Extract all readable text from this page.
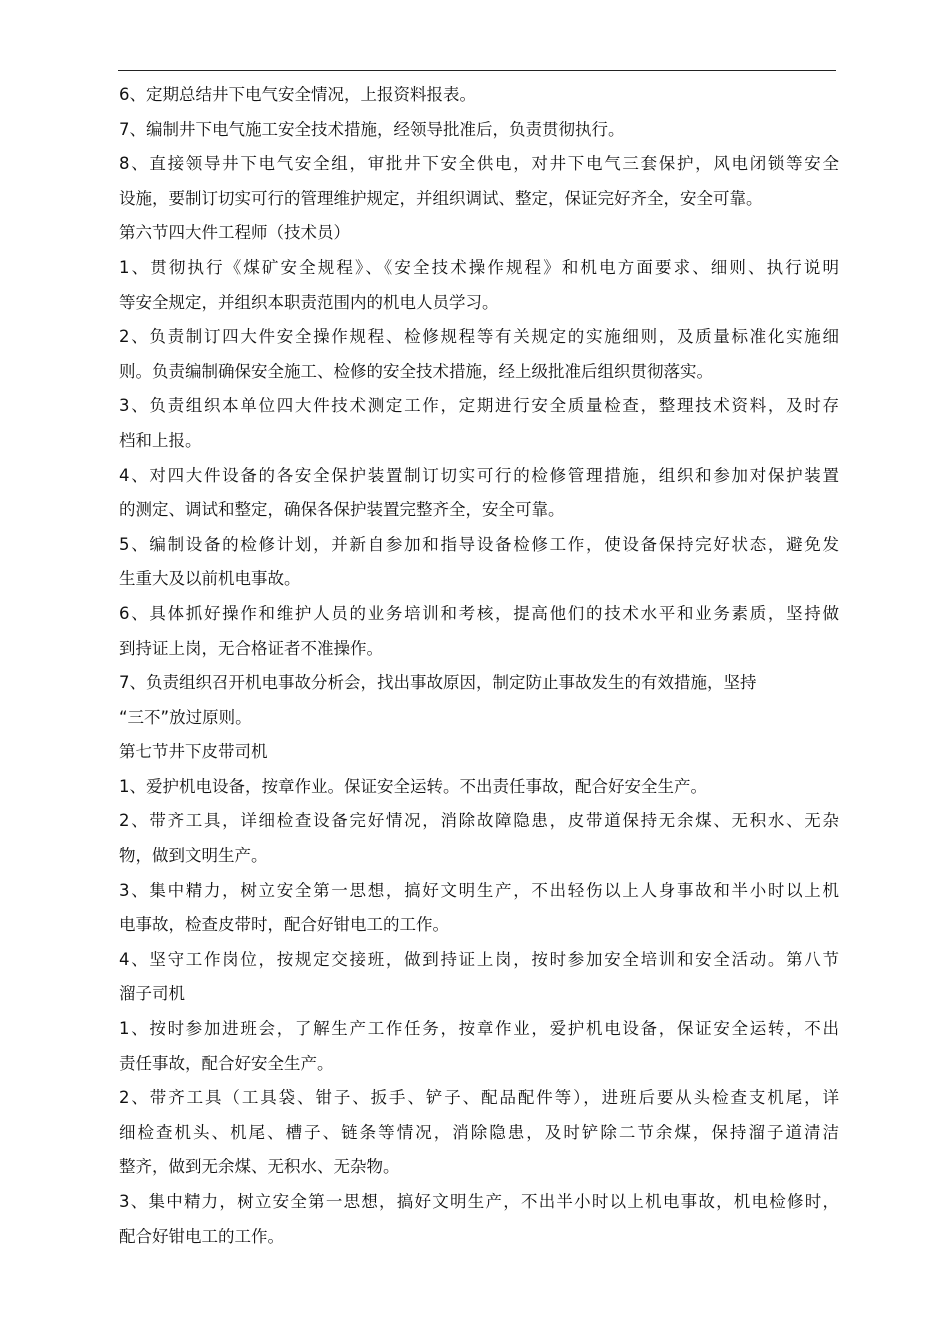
6、定期总结井下电气安全情况，上报资料报表。
7、编制井下电气施工安全技术措施，经领导批准后，负责贯彻执行。
8、直接领导井下电气安全组，审批井下安全供电，对井下电气三套保护，风电闭锁等安全
设施，要制订切实可行的管理维护规定，并组织调试、整定，保证完好齐全，安全可靠。
第六节四大件工程师（技术员）
1、贯彻执行《煤矿安全规程》、《安全技术操作规程》和机电方面要求、细则、执行说明
等安全规定，并组织本职责范围内的机电人员学习。
2、负责制订四大件安全操作规程、检修规程等有关规定的实施细则，及质量标准化实施细
则。负责编制确保安全施工、检修的安全技术措施，经上级批准后组织贯彻落实。
3、负责组织本单位四大件技术测定工作，定期进行安全质量检查，整理技术资料，及时存
档和上报。
4、对四大件设备的各安全保护装置制订切实可行的检修管理措施，组织和参加对保护装置
的测定、调试和整定，确保各保护装置完整齐全，安全可靠。
5、编制设备的检修计划，并新自参加和指导设备检修工作，使设备保持完好状态，避免发
生重大及以前机电事故。
6、具体抓好操作和维护人员的业务培训和考核，提高他们的技术水平和业务素质，坚持做
到持证上岗，无合格证者不准操作。
7、负责组织召开机电事故分析会，找出事故原因，制定防止事故发生的有效措施，坚持
“三不”放过原则。
第七节井下皮带司机
1、爱护机电设备，按章作业。保证安全运转。不出责任事故，配合好安全生产。
2、带齐工具，详细检查设备完好情况，消除故障隐患，皮带道保持无余煤、无积水、无杂
物，做到文明生产。
3、集中精力，树立安全第一思想，搞好文明生产，不出轻伤以上人身事故和半小时以上机
电事故，检查皮带时，配合好钳电工的工作。
4、坚守工作岗位，按规定交接班，做到持证上岗，按时参加安全培训和安全活动。第八节
溜子司机
1、按时参加进班会，了解生产工作任务，按章作业，爱护机电设备，保证安全运转，不出
责任事故，配合好安全生产。
2、带齐工具（工具袋、钳子、扳手、铲子、配品配件等），进班后要从头检查支机尾，详
细检查机头、机尾、槽子、链条等情况，消除隐患，及时铲除二节余煤，保持溜子道清洁
整齐，做到无余煤、无积水、无杂物。
3、集中精力，树立安全第一思想，搞好文明生产，不出半小时以上机电事故，机电检修时，
配合好钳电工的工作。
